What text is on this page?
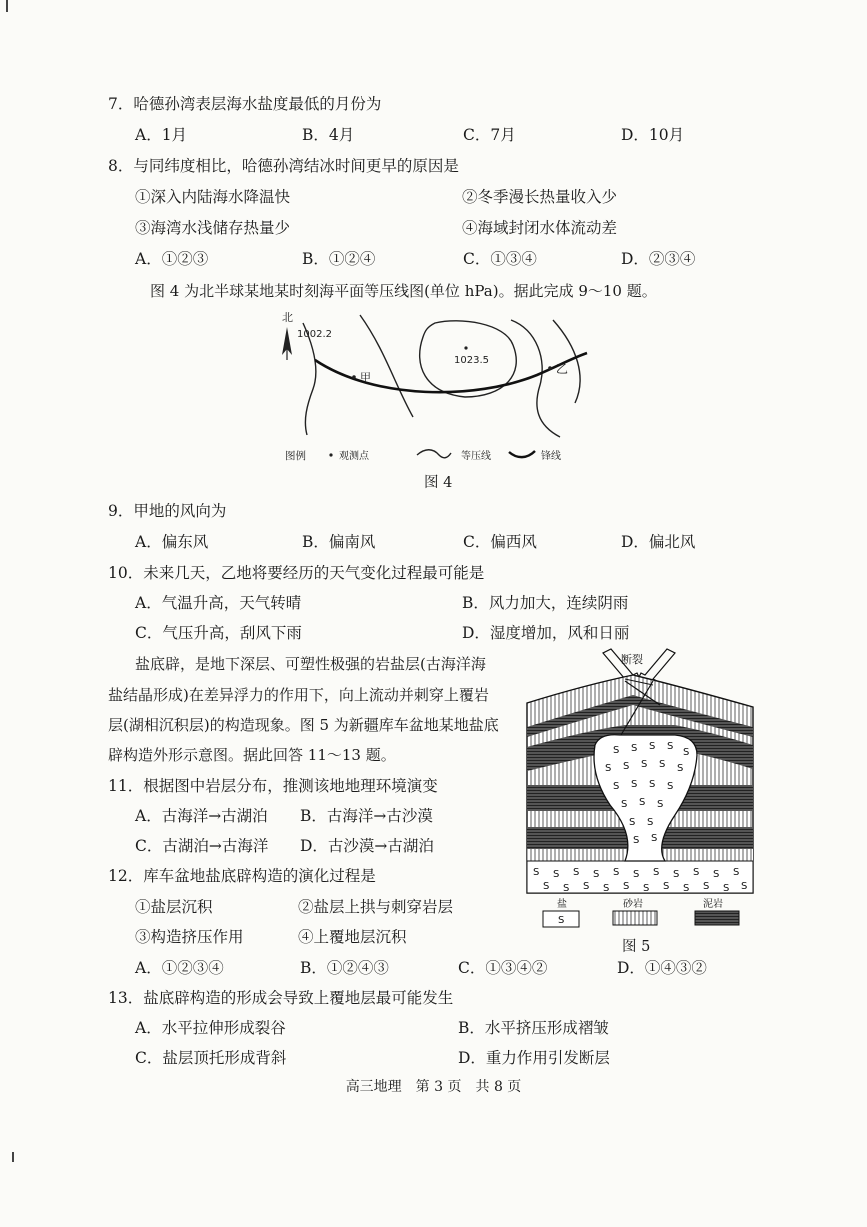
7．哈德孙湾表层海水盐度最低的月份为
A．1月	B．4月	C．7月	D．10月
8．与同纬度相比，哈德孙湾结冰时间更早的原因是
①深入内陆海水降温快	②冬季漫长热量收入少
③海湾水浅储存热量少	④海域封闭水体流动差
A．①②③	B．①②④	C．①③④	D．②③④
图 4 为北半球某地某时刻海平面等压线图(单位 hPa)。据此完成 9～10 题。
北
1002.2
1023.5
甲
乙
图例	观测点	等压线	锋线
图 4
9．甲地的风向为
A．偏东风	B．偏南风	C．偏西风	D．偏北风
10．未来几天，乙地将要经历的天气变化过程最可能是
A．气温升高，天气转晴	B．风力加大，连续阴雨
C．气压升高，刮风下雨	D．湿度增加，风和日丽
盐底辟，是地下深层、可塑性极强的岩盐层(古海洋海
盐结晶形成)在差异浮力的作用下，向上流动并刺穿上覆岩
层(湖相沉积层)的构造现象。图 5 为新疆库车盆地某地盐底
辟构造外形示意图。据此回答 11～13 题。
断裂
S S S S
S
S S S S S
S S S S
S S S
S S
S S
S S S S S S S S S S S
S S S S S S S S S S S
盐
S
砂岩	泥岩
图 5
11．根据图中岩层分布，推测该地地理环境演变
A．古海洋→古湖泊 B．古海洋→古沙漠
C．古湖泊→古海洋 D．古沙漠→古湖泊
12．库车盆地盐底辟构造的演化过程是
①盐层沉积	②盐层上拱与刺穿岩层
③构造挤压作用	④上覆地层沉积
A．①②③④	B．①②④③	C．①③④②	D．①④③②
13．盐底辟构造的形成会导致上覆地层最可能发生
A．水平拉伸形成裂谷	B．水平挤压形成褶皱
C．盐层顶托形成背斜	D．重力作用引发断层
高三地理　第 3 页　共 8 页
